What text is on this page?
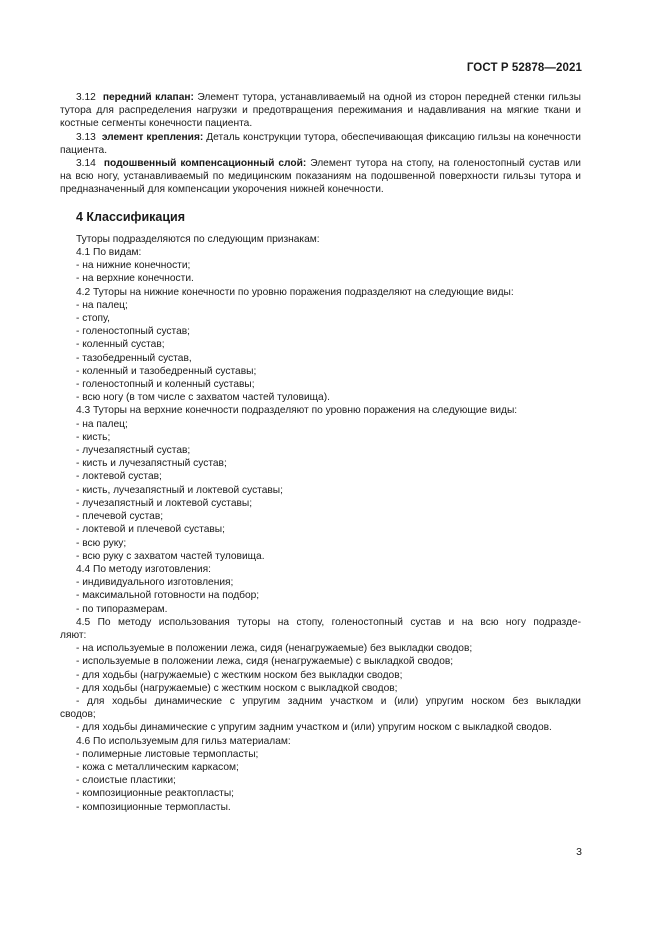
ГОСТ Р 52878—2021

3.12 передний клапан: Элемент тутора, устанавливаемый на одной из сторон передней стенки гильзы тутора для распределения нагрузки и предотвращения пережимания и надавливания на мягкие ткани и костные сегменты конечности пациента.

3.13 элемент крепления: Деталь конструкции тутора, обеспечивающая фиксацию гильзы на конечности пациента.

3.14 подошвенный компенсационный слой: Элемент тутора на стопу, на голеностопный сустав или на всю ногу, устанавливаемый по медицинским показаниям на подошвенной поверхности гильзы тутора и предназначенный для компенсации укорочения нижней конечности.

4 Классификация

Туторы подразделяются по следующим признакам:

4.1 По видам:

- на нижние конечности;

- на верхние конечности.

4.2 Туторы на нижние конечности по уровню поражения подразделяют на следующие виды:

- на палец;

- стопу,

- голеностопный сустав;

- коленный сустав;

- тазобедренный сустав,

- коленный и тазобедренный суставы;

- голеностопный и коленный суставы;

- всю ногу (в том числе с захватом частей туловища).

4.3 Туторы на верхние конечности подразделяют по уровню поражения на следующие виды:

- на палец;

- кисть;

- лучезапястный сустав;

- кисть и лучезапястный сустав;

- локтевой сустав;

- кисть, лучезапястный и локтевой суставы;

- лучезапястный и локтевой суставы;

- плечевой сустав;

- локтевой и плечевой суставы;

- всю руку;

- всю руку с захватом частей туловища.

4.4 По методу изготовления:

- индивидуального изготовления;

- максимальной готовности на подбор;

- по типоразмерам.

4.5 По методу использования туторы на стопу, голеностопный сустав и на всю ногу подразде-

ляют:

- на используемые в положении лежа, сидя (ненагружаемые) без выкладки сводов;

- используемые в положении лежа, сидя (ненагружаемые) с выкладкой сводов;

- для ходьбы (нагружаемые) с жестким носком без выкладки сводов;

- для ходьбы (нагружаемые) с жестким носком с выкладкой сводов;

- для ходьбы динамические с упругим задним участком и (или) упругим носком без выкладки

сводов;

- для ходьбы динамические с упругим задним участком и (или) упругим носком с выкладкой сводов.

4.6 По используемым для гильз материалам:

- полимерные листовые термопласты;

- кожа с металлическим каркасом;

- слоистые пластики;

- композиционные реактопласты;

- композиционные термопласты.

3
